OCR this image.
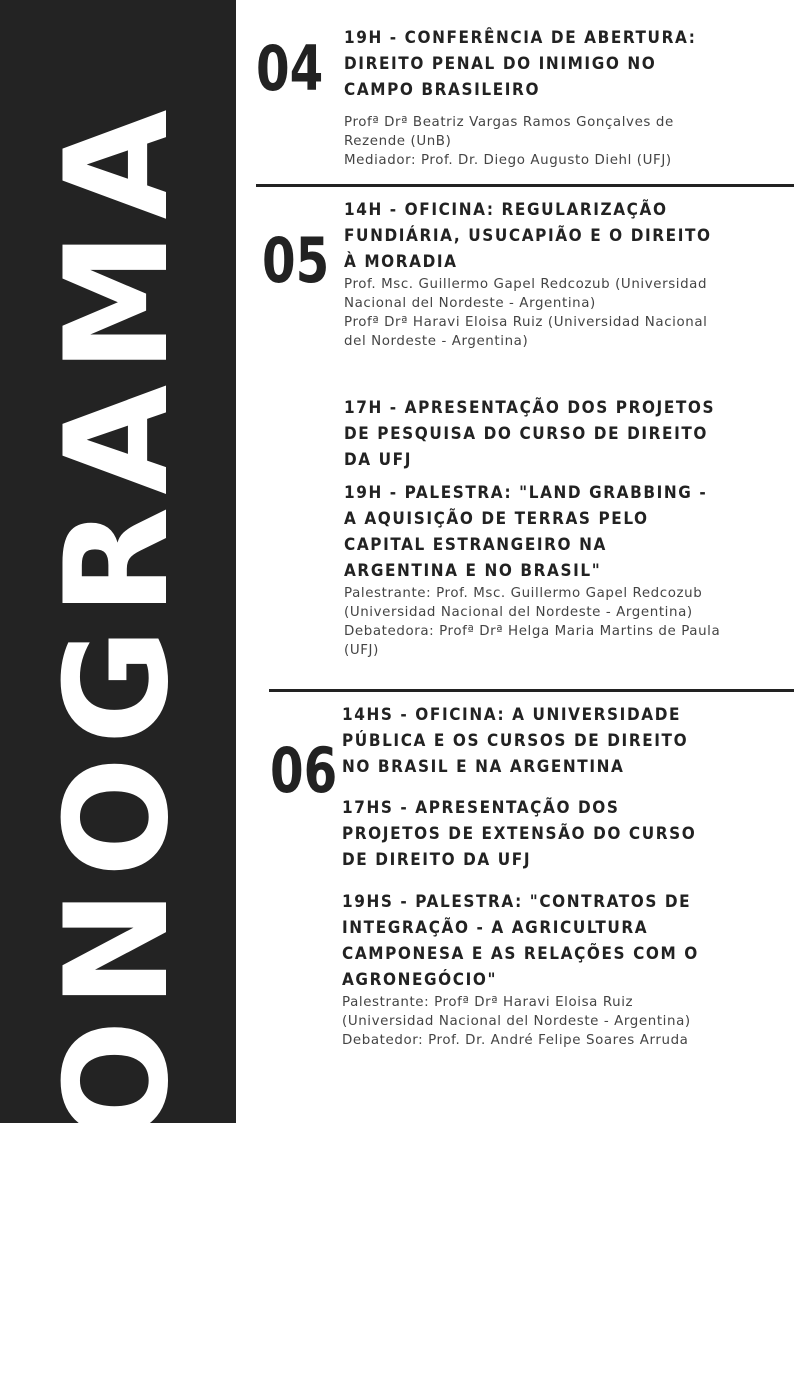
CRONOGRAMA
04 19H - CONFERÊNCIA DE ABERTURA: DIREITO PENAL DO INIMIGO NO CAMPO BRASILEIRO

Profª Drª Beatriz Vargas Ramos Gonçalves de Rezende (UnB)

Mediador: Prof. Dr. Diego Augusto Diehl (UFJ)

05

14H - OFICINA: REGULARIZAÇÃO FUNDIÁRIA, USUCAPIÃO E O DIREITO À MORADIA

Prof. Msc. Guillermo Gapel Redcozub (Universidad Nacional del Nordeste - Argentina)

Profª Drª Haravi Eloisa Ruiz (Universidad Nacional del Nordeste - Argentina)

17H - APRESENTAÇÃO DOS PROJETOS DE PESQUISA DO CURSO DE DIREITO DA UFJ

19H - PALESTRA: "LAND GRABBING - A AQUISIÇÃO DE TERRAS PELO CAPITAL ESTRANGEIRO NA ARGENTINA E NO BRASIL"

Palestrante: Prof. Msc. Guillermo Gapel Redcozub (Universidad Nacional del Nordeste - Argentina)

Debatedora: Profª Drª Helga Maria Martins de Paula (UFJ)

06

14HS - OFICINA: A UNIVERSIDADE PÚBLICA E OS CURSOS DE DIREITO NO BRASIL E NA ARGENTINA

17HS - APRESENTAÇÃO DOS PROJETOS DE EXTENSÃO DO CURSO DE DIREITO DA UFJ

19HS - PALESTRA: "CONTRATOS DE INTEGRAÇÃO - A AGRICULTURA CAMPONESA E AS RELAÇÕES COM O AGRONEGÓCIO"

Palestrante: Profª Drª Haravi Eloisa Ruiz (Universidad Nacional del Nordeste - Argentina)

Debatedor: Prof. Dr. André Felipe Soares Arruda
